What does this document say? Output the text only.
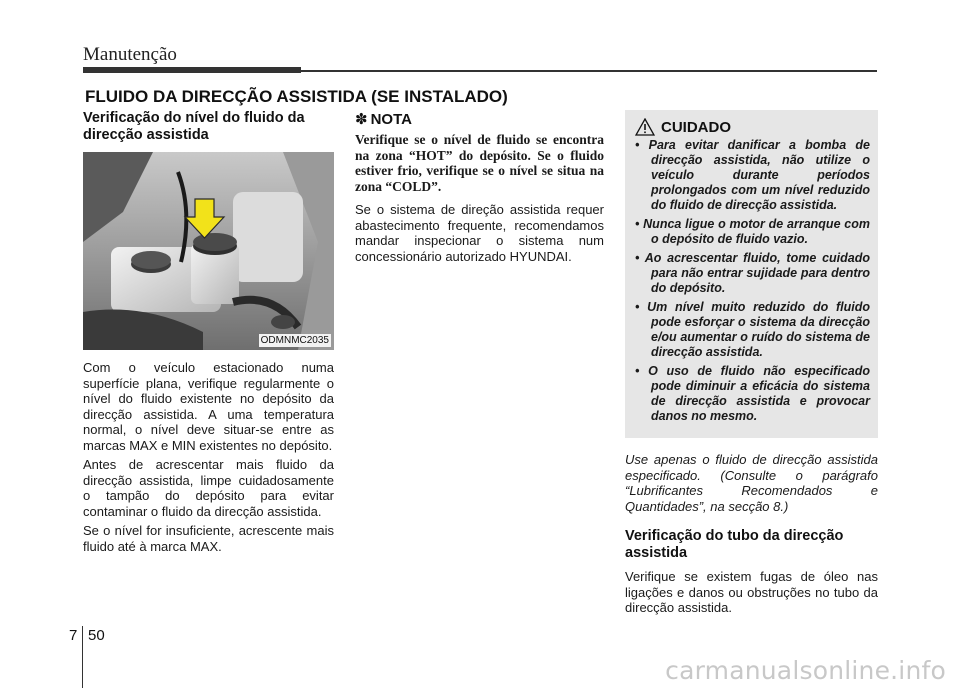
Manutenção
FLUIDO DA DIRECÇÃO ASSISTIDA (SE INSTALADO)

Verificação do nível do fluido da direcção assistida

ODMNMC2035

Com o veículo estacionado numa superfície plana, verifique regularmente o nível do fluido existente no depósito da direcção assistida. A uma temperatura normal, o nível deve situar-se entre as marcas MAX e MIN existentes no depósito.

Antes de acrescentar mais fluido da direcção assistida, limpe cuidadosamente o tampão do depósito para evitar contaminar o fluido da direcção assistida.

Se o nível for insuficiente, acrescente mais fluido até à marca MAX.

✽ NOTA

Verifique se o nível de fluido se encontra na zona “HOT” do depósito. Se o fluido estiver frio, verifique se o nível se situa na zona “COLD”.

Se o sistema de direção assistida requer abastecimento frequente, recomendamos mandar inspecionar o sistema num concessionário autorizado HYUNDAI.

CUIDADO
• Para evitar danificar a bomba de direcção assistida, não utilize o veículo durante períodos prolongados com um nível reduzido do fluido de direcção assistida.
• Nunca ligue o motor de arranque com o depósito de fluido vazio.
• Ao acrescentar fluido, tome cuidado para não entrar sujidade para dentro do depósito.
• Um nível muito reduzido do fluido pode esforçar o sistema da direcção e/ou aumentar o ruído do sistema de direcção assistida.
• O uso de fluido não especificado pode diminuir a eficácia do sistema de direcção assistida e provocar danos no mesmo.

Use apenas o fluido de direcção assistida especificado. (Consulte o parágrafo “Lubrificantes Recomendados e Quantidades”, na secção 8.)

Verificação do tubo da direcção assistida

Verifique se existem fugas de óleo nas ligações e danos ou obstruções no tubo da direcção assistida.

7 50
carmanualsonline.info
